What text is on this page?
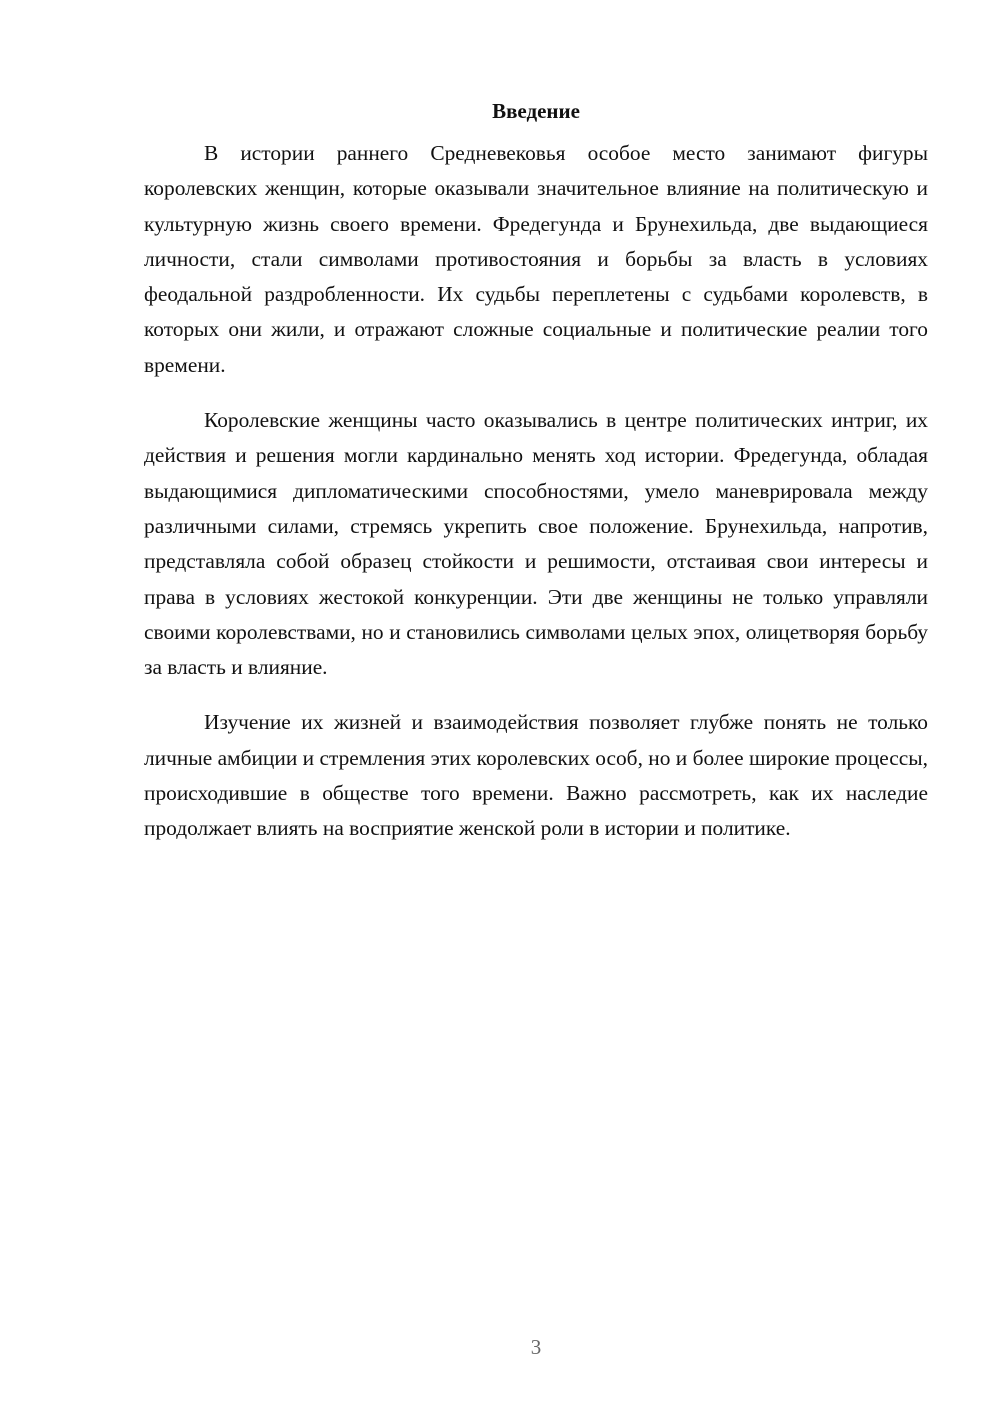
Введение

В истории раннего Средневековья особое место занимают фигуры королевских женщин, которые оказывали значительное влияние на политическую и культурную жизнь своего времени. Фредегунда и Брунехильда, две выдающиеся личности, стали символами противостояния и борьбы за власть в условиях феодальной раздробленности. Их судьбы переплетены с судьбами королевств, в которых они жили, и отражают сложные социальные и политические реалии того времени.

Королевские женщины часто оказывались в центре политических интриг, их действия и решения могли кардинально менять ход истории. Фредегунда, обладая выдающимися дипломатическими способностями, умело маневрировала между различными силами, стремясь укрепить свое положение. Брунехильда, напротив, представляла собой образец стойкости и решимости, отстаивая свои интересы и права в условиях жестокой конкуренции. Эти две женщины не только управляли своими королевствами, но и становились символами целых эпох, олицетворяя борьбу за власть и влияние.

Изучение их жизней и взаимодействия позволяет глубже понять не только личные амбиции и стремления этих королевских особ, но и более широкие процессы, происходившие в обществе того времени. Важно рассмотреть, как их наследие продолжает влиять на восприятие женской роли в истории и политике.

3
